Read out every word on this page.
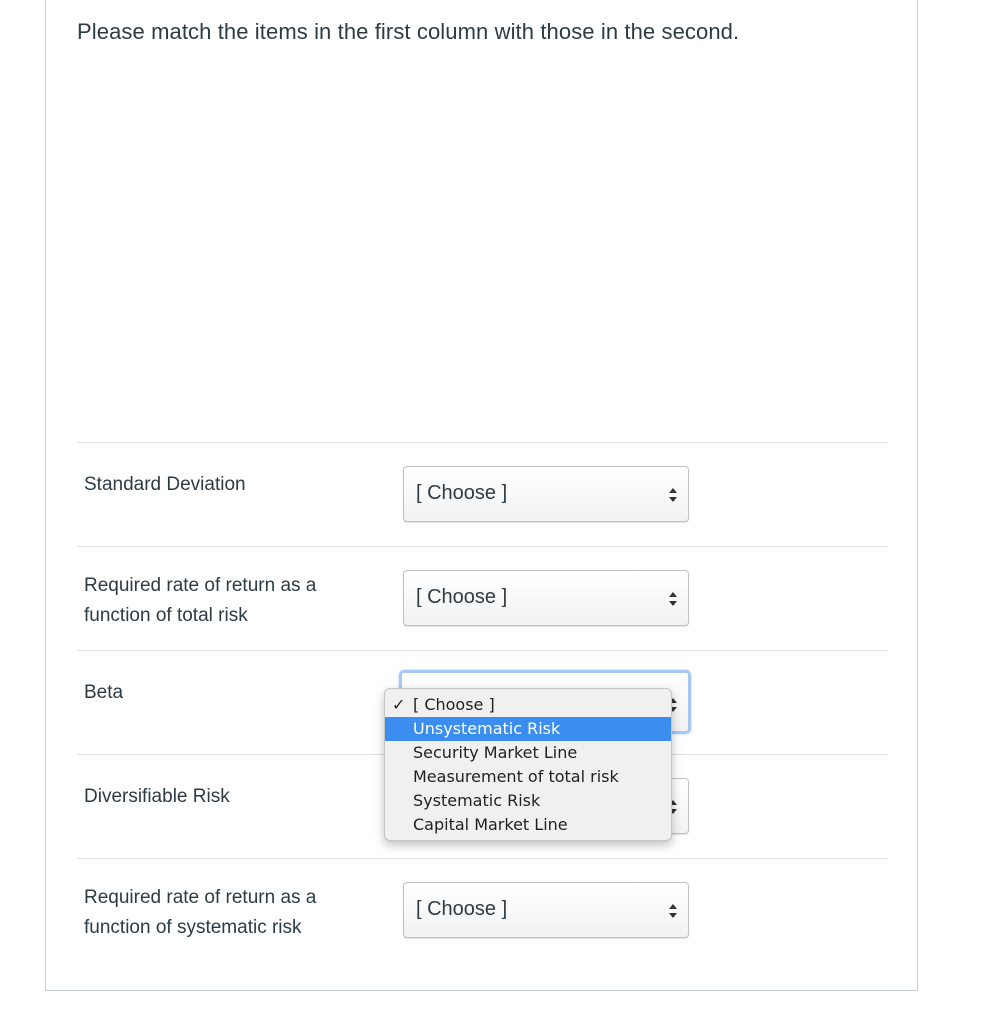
Please match the items in the first column with those in the second.
Standard Deviation	[ Choose ]
Required rate of return as a function of total risk
[ Choose ]
Beta
Diversifiable Risk
Required rate of return as a function of systematic risk
[ Choose ]
✓ [ Choose ]
Unsystematic Risk
Security Market Line
Measurement of total risk
Systematic Risk
Capital Market Line
